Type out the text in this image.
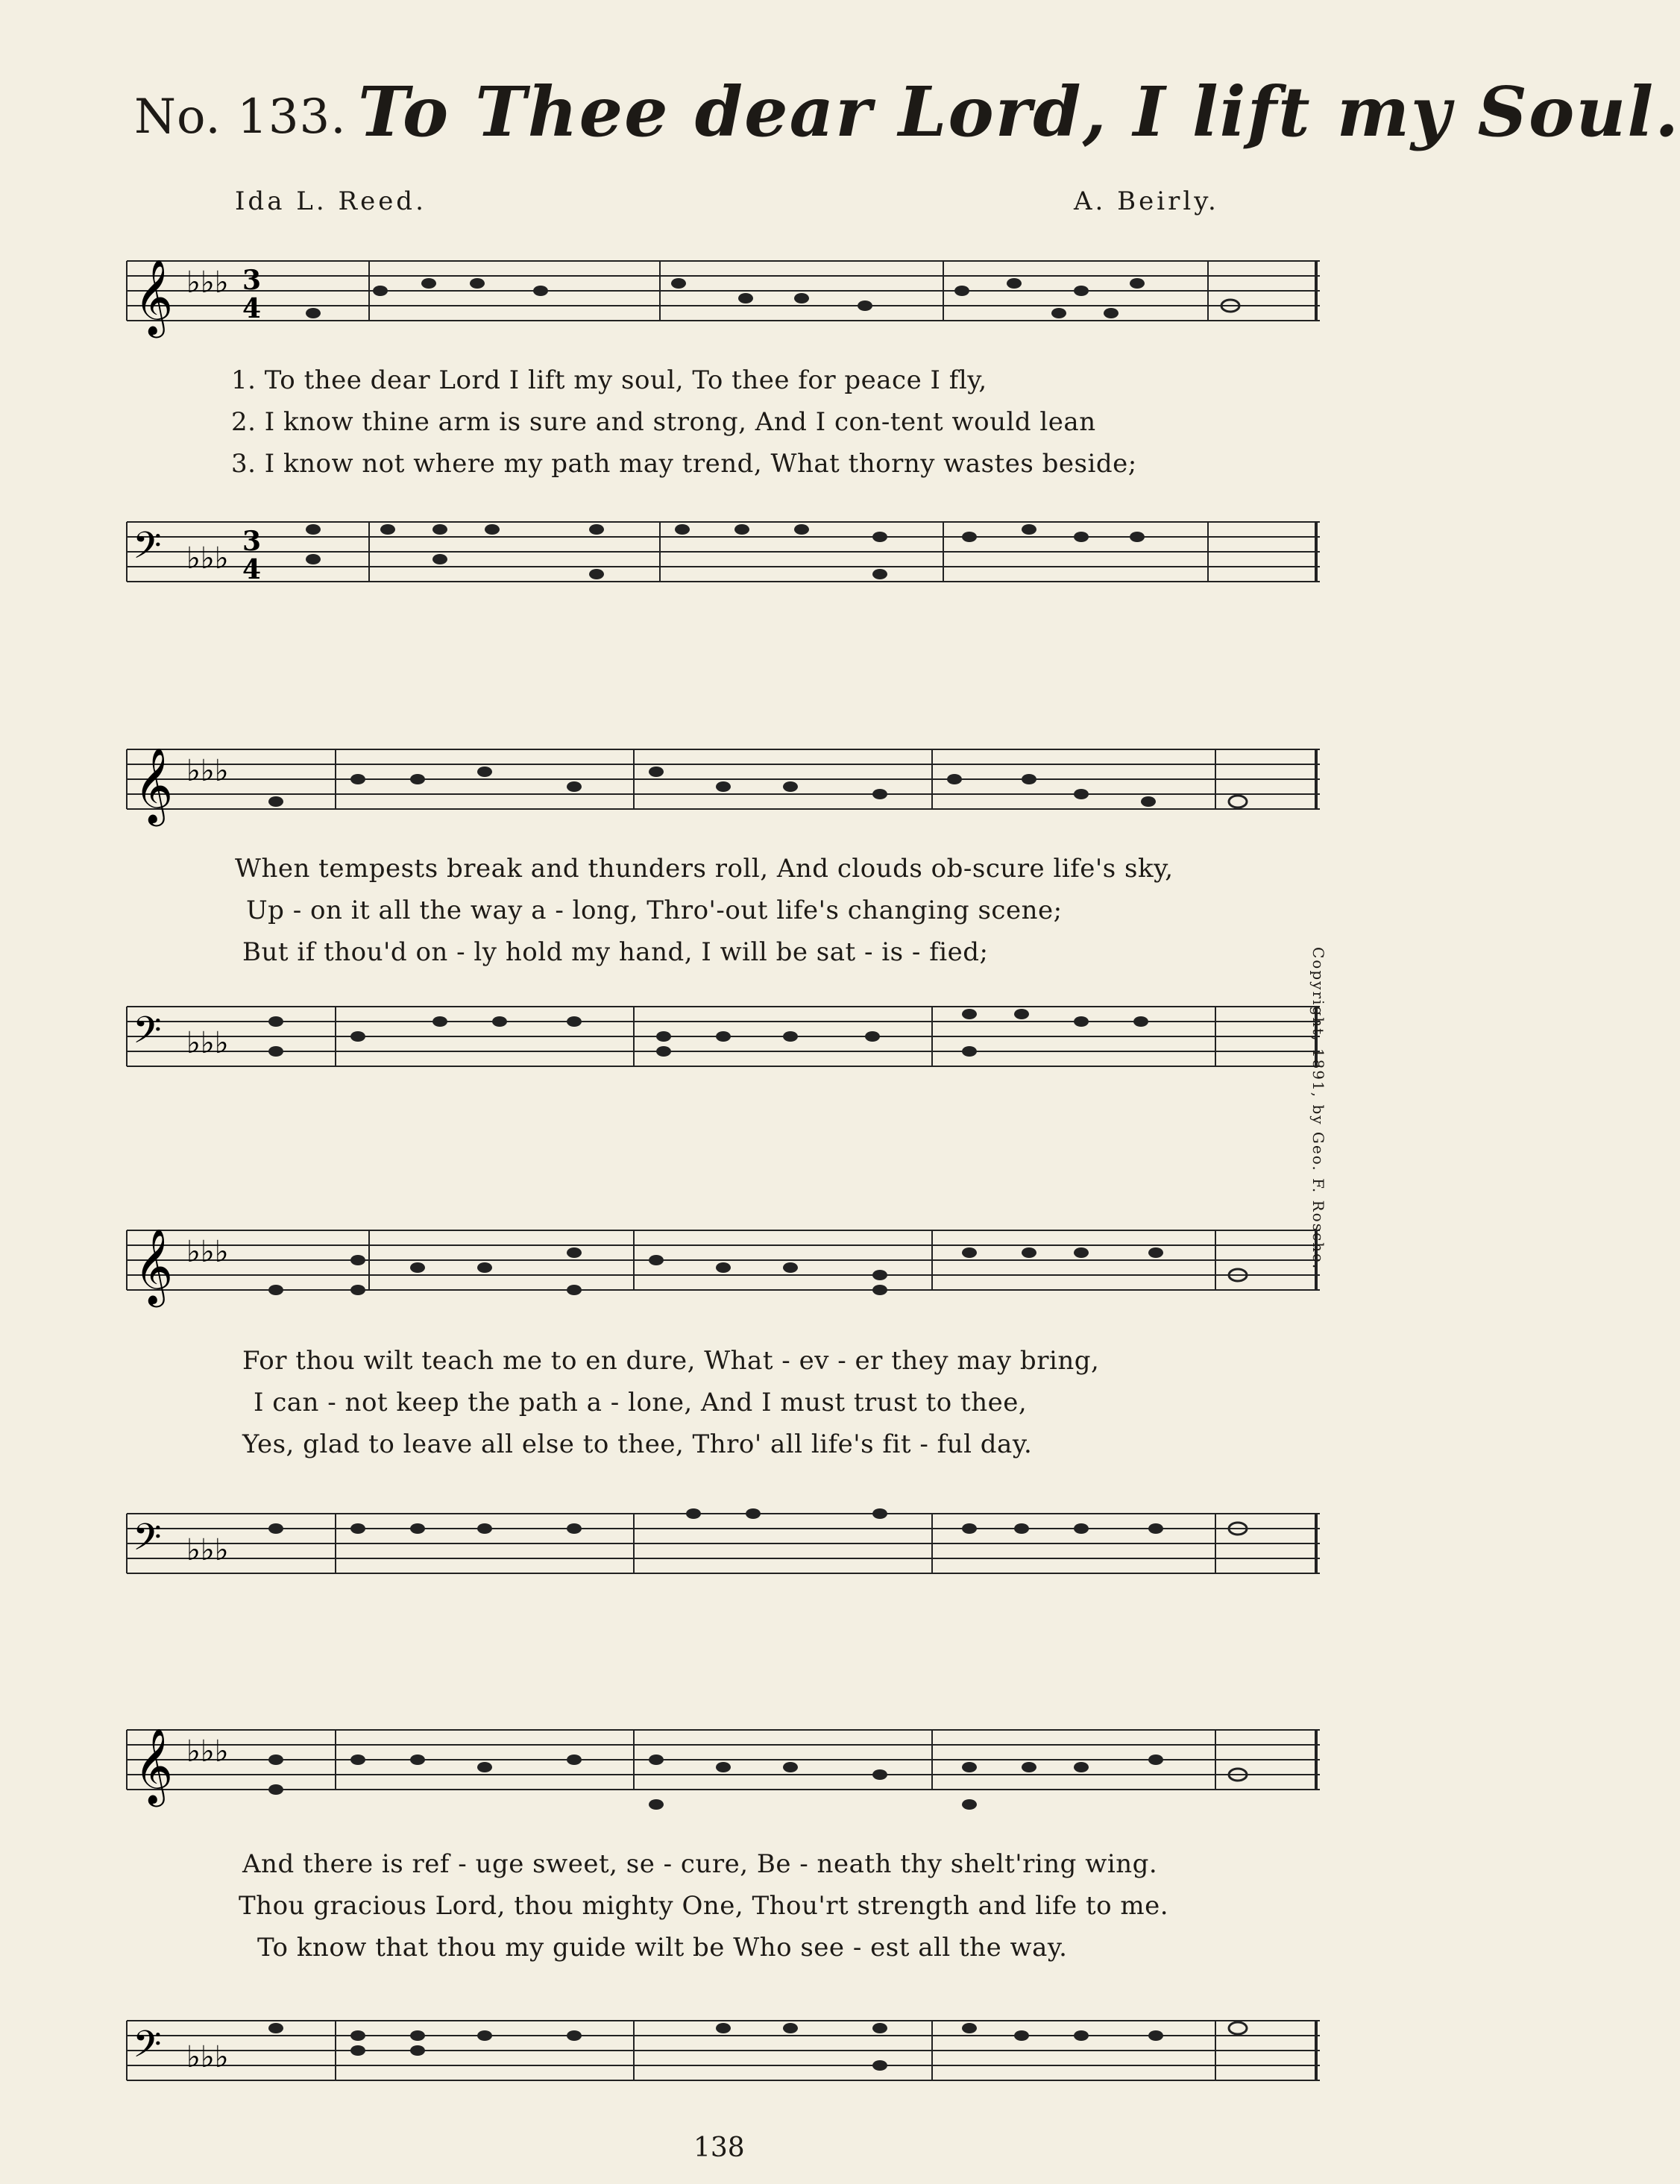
No. 133. To Thee dear Lord, I lift my Soul.
Ida L. Reed.	A. Beirly.
𝄞 ♭♭♭ 3
4
1. To thee dear Lord I lift my soul, To thee for peace I fly,
2. I know thine arm is sure and strong, And I con-tent would lean
3. I know not where my path may trend, What thorny wastes beside;
𝄢 ♭♭♭ 3
4
𝄞 ♭♭♭
When tempests break and thunders roll, And clouds ob-scure life's sky,
Up - on it all the way a - long, Thro'-out life's changing scene;
But if thou'd on - ly hold my hand, I will be sat - is - fied;
𝄢 ♭♭♭
𝄞 ♭♭♭
For thou wilt teach me to en dure, What - ev - er they may bring,
I can - not keep the path a - lone, And I must trust to thee,
Yes, glad to leave all else to thee, Thro' all life's fit - ful day.
𝄢 ♭♭♭
𝄞 ♭♭♭
And there is ref - uge sweet, se - cure, Be - neath thy shelt'ring wing.
Thou gracious Lord, thou mighty One, Thou'rt strength and life to me.
To know that thou my guide wilt be Who see - est all the way.
𝄢 ♭♭♭
Copyright, 1891, by Geo. F. Rosche.
138
